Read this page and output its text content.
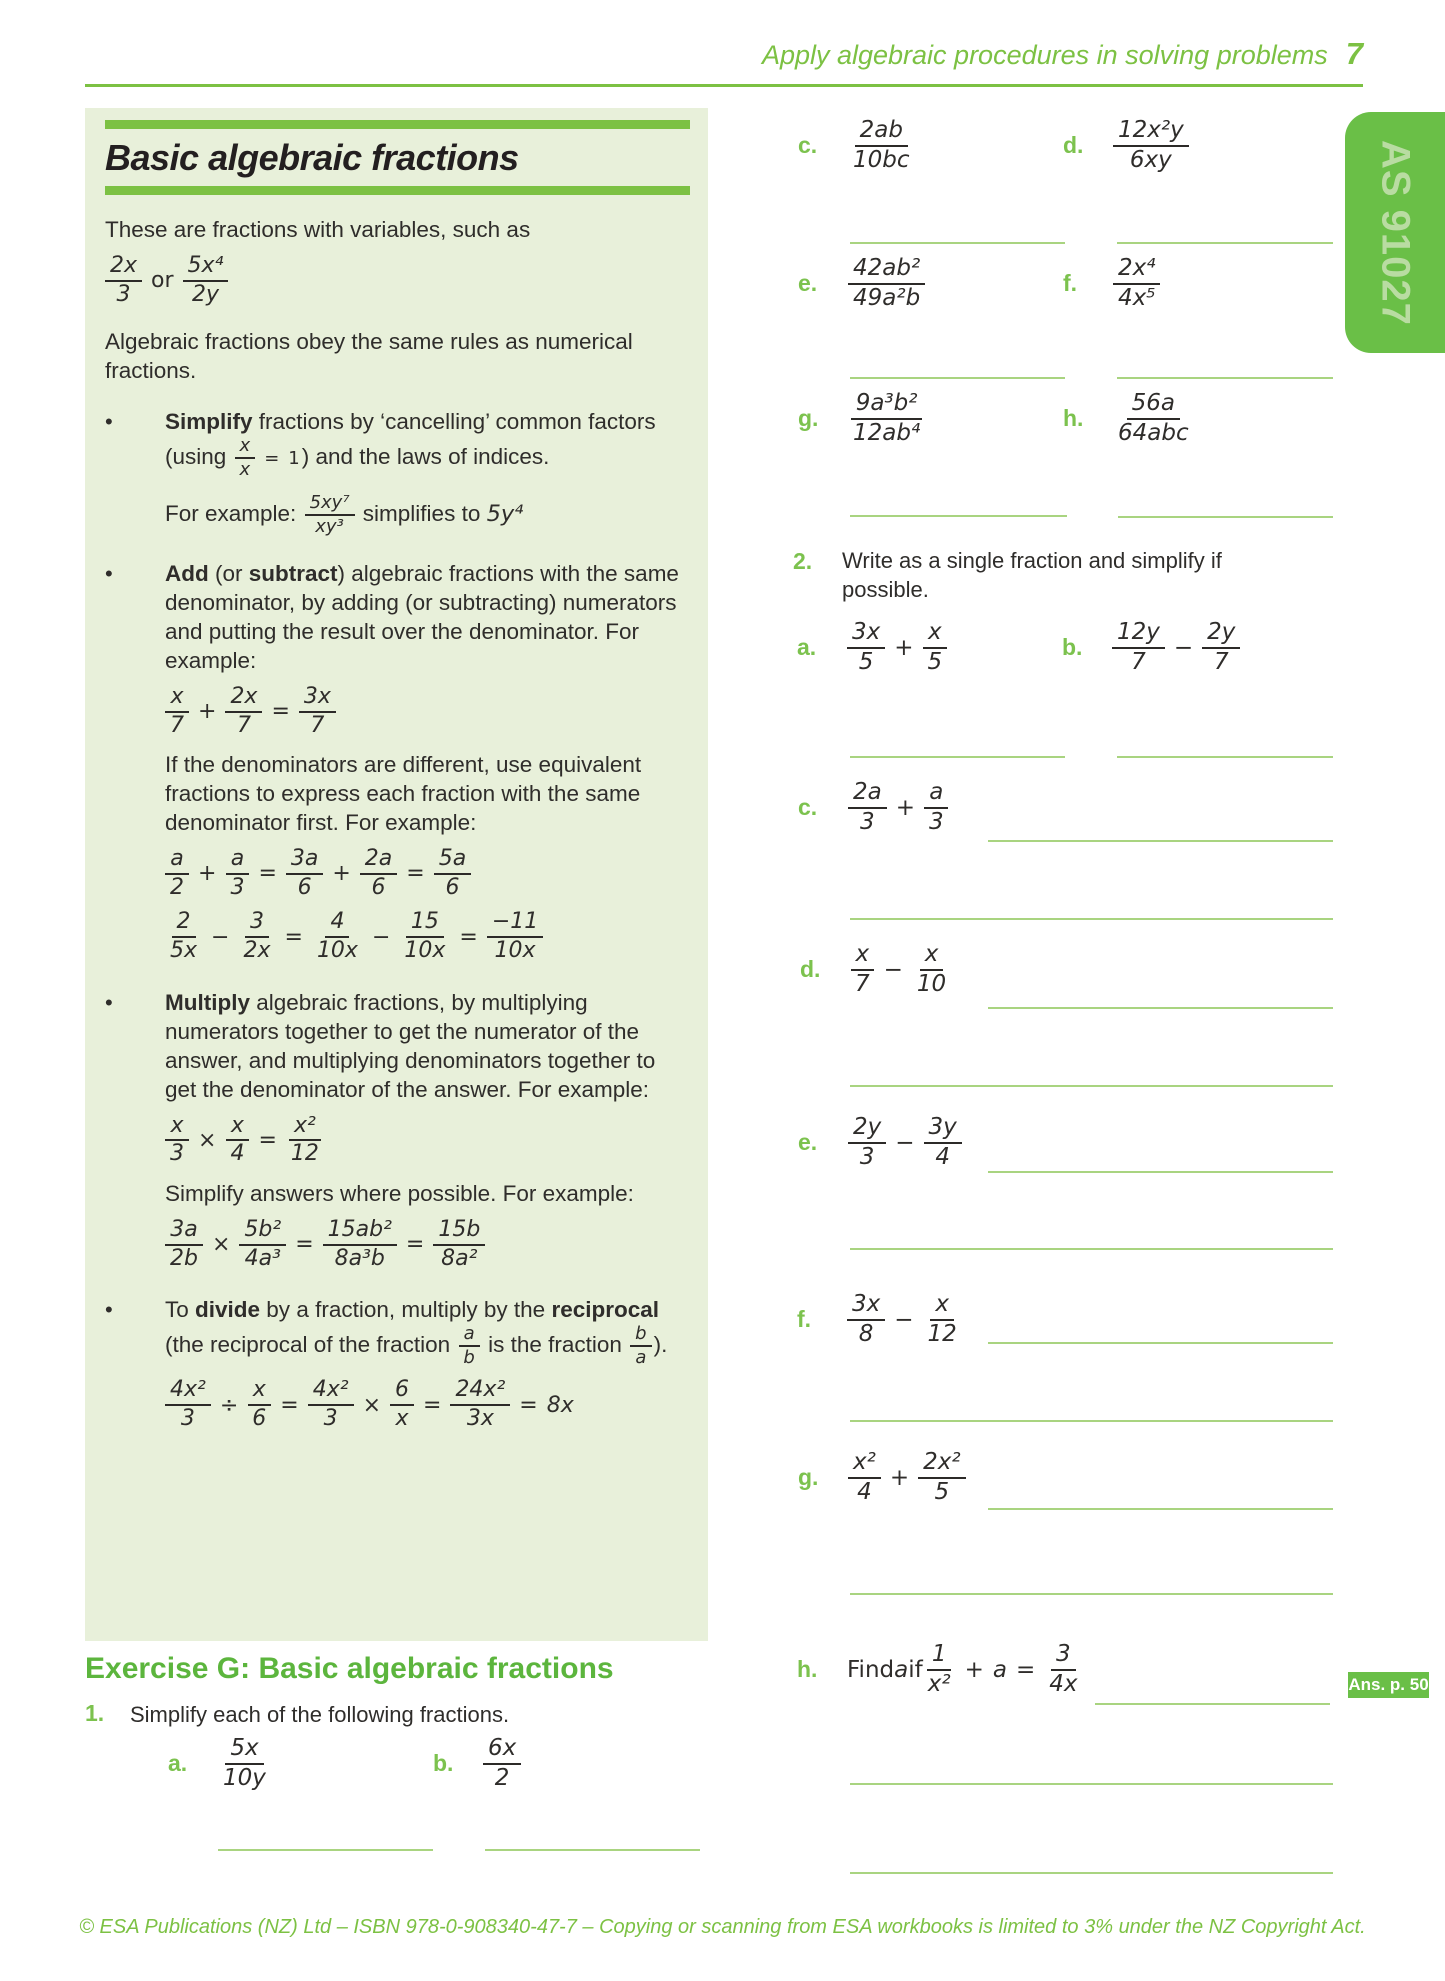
Apply algebraic procedures in solving problems 7
AS 91027
Basic algebraic fractions

These are fractions with variables, such as

2x
3
or
5x⁴
2y

Algebraic fractions obey the same rules as numerical fractions.

•	Simplify fractions by ‘cancelling’ common factors ($using \frac{x}{x} = 1$ ) and the laws of indices.

For example: 5xy⁷
xy³
simplifies to 5y⁴

•	Add (or subtract) algebraic fractions with the same denominator, by adding (or subtracting) numerators and putting the result over the denominator. For example:

x
7
+ $\frac{2x}{7} = \frac{3x}{7}$

If the denominators are different, use equivalent fractions to express each fraction with the same denominator first. For example:

a
2
+ $\frac{a}{3} = \frac{3a}{6} + \frac{2a}{6} = \frac{5a}{6}$
2
5x
− $\frac{3}{2x} = \frac{4}{10x} - \frac{15}{10x} = \frac{-11}{10x}$
•	Multiply algebraic fractions, by multiplying numerators together to get the numerator of the answer, and multiplying denominators together to get the denominator of the answer. For example:

$\frac{x}{3} \times \frac{x}{4} = \frac{\text{x²}}{12}$

Simplify answers where possible. For example:

$\frac{3a}{2b} \times \frac{\text{5b²}}{\text{4a³}} = \frac{\text{15ab²}}{\text{8a³b}} = \frac{15b}{\text{8a²}}$
•	To divide by a fraction, multiply by the reciprocal (the reciprocal of the fraction a
b
is the fraction b
a
).

$\frac{\text{4x²}}{3} \div \frac{x}{6} = \frac{\text{4x²}}{3} \times \frac{6}{x} = \frac{\text{24x²}}{3x} = 8x$
Exercise G: Basic algebraic fractions
1. Simplify each of the following fractions.
a.
5x
10y
b.
6x
2
c.
2ab
10bc
d.
12x²y
6xy
e.
42ab²
49a²b
f.
2x⁴
4x⁵
g.
9a³b²
12ab⁴
h.
56a
64abc
2. Write as a single fraction and simplify if possible.
a.
3x
5
+ $\frac{x}{5}$	b.
12y
7
− $\frac{2y}{7}$
c.
2a
3
+ $\frac{a}{3}$
d.
x
7
− $\frac{x}{10}$
e.
2y
3
− $\frac{3y}{4}$
f.
3x
8
− $\frac{x}{12}$
g.
x²
4
+ $\frac{\text{2x²}}{5}$
h.	Find a if
1
x²
+ $a = \frac{3}{4x}$	Ans. p. 50
© ESA Publications (NZ) Ltd – ISBN 978-0-908340-47-7 – Copying or scanning from ESA workbooks is limited to 3% under the NZ Copyright Act.
